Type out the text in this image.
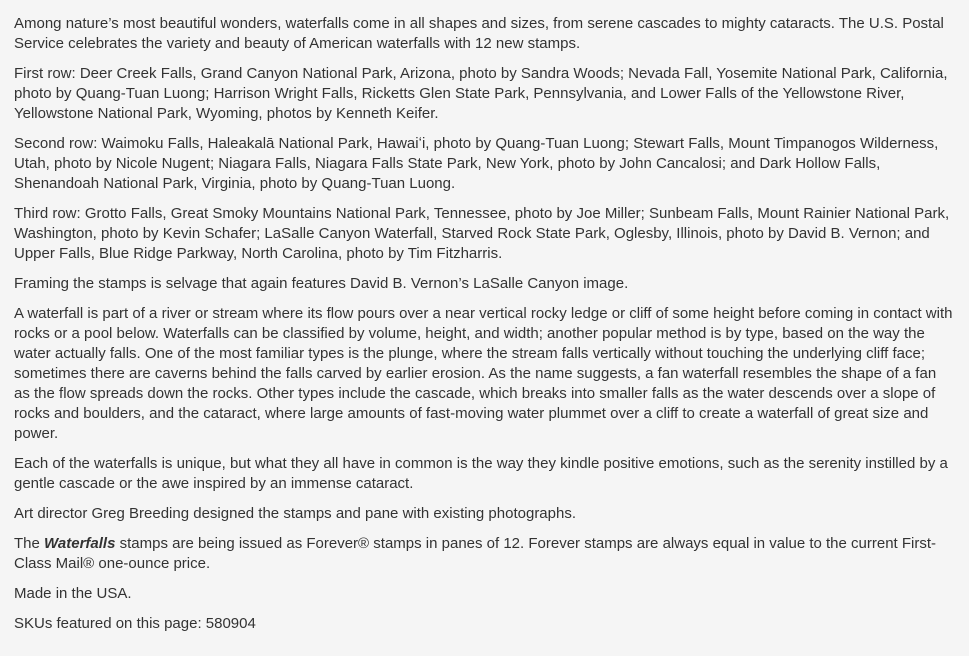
Among nature’s most beautiful wonders, waterfalls come in all shapes and sizes, from serene cascades to mighty cataracts. The U.S. Postal Service celebrates the variety and beauty of American waterfalls with 12 new stamps.

First row: Deer Creek Falls, Grand Canyon National Park, Arizona, photo by Sandra Woods; Nevada Fall, Yosemite National Park, California, photo by Quang-Tuan Luong; Harrison Wright Falls, Ricketts Glen State Park, Pennsylvania, and Lower Falls of the Yellowstone River, Yellowstone National Park, Wyoming, photos by Kenneth Keifer.

Second row: Waimoku Falls, Haleakalā National Park, Hawaiʻi, photo by Quang-Tuan Luong; Stewart Falls, Mount Timpanogos Wilderness, Utah, photo by Nicole Nugent; Niagara Falls, Niagara Falls State Park, New York, photo by John Cancalosi; and Dark Hollow Falls, Shenandoah National Park, Virginia, photo by Quang-Tuan Luong.

Third row: Grotto Falls, Great Smoky Mountains National Park, Tennessee, photo by Joe Miller; Sunbeam Falls, Mount Rainier National Park, Washington, photo by Kevin Schafer; LaSalle Canyon Waterfall, Starved Rock State Park, Oglesby, Illinois, photo by David B. Vernon; and Upper Falls, Blue Ridge Parkway, North Carolina, photo by Tim Fitzharris.

Framing the stamps is selvage that again features David B. Vernon’s LaSalle Canyon image.

A waterfall is part of a river or stream where its flow pours over a near vertical rocky ledge or cliff of some height before coming in contact with rocks or a pool below. Waterfalls can be classified by volume, height, and width; another popular method is by type, based on the way the water actually falls. One of the most familiar types is the plunge, where the stream falls vertically without touching the underlying cliff face; sometimes there are caverns behind the falls carved by earlier erosion. As the name suggests, a fan waterfall resembles the shape of a fan as the flow spreads down the rocks. Other types include the cascade, which breaks into smaller falls as the water descends over a slope of rocks and boulders, and the cataract, where large amounts of fast-moving water plummet over a cliff to create a waterfall of great size and power.

Each of the waterfalls is unique, but what they all have in common is the way they kindle positive emotions, such as the serenity instilled by a gentle cascade or the awe inspired by an immense cataract.

Art director Greg Breeding designed the stamps and pane with existing photographs.

The Waterfalls stamps are being issued as Forever® stamps in panes of 12. Forever stamps are always equal in value to the current First-Class Mail® one-ounce price.

Made in the USA.

SKUs featured on this page: 580904
